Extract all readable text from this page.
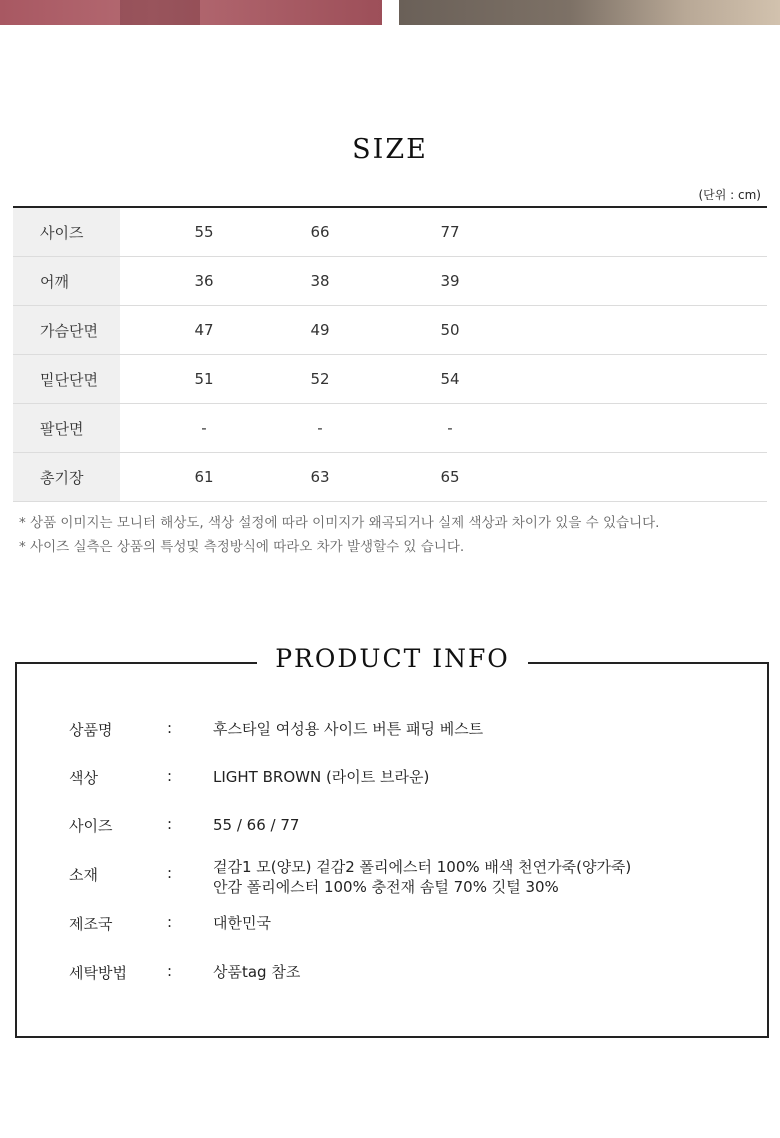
SIZE
(단위 : cm)
사이즈	55	66	77
어깨	36	38	39
가슴단면	47	49	50
밑단단면	51	52	54
팔단면	-	-	-
총기장	61	63	65
* 상품 이미지는 모니터 해상도, 색상 설정에 따라 이미지가 왜곡되거나 실제 색상과 차이가 있을 수 있습니다.
* 사이즈 실측은 상품의 특성및 측정방식에 따라오 차가 발생할수 있 습니다.
PRODUCT INFO
상품명	:	후스타일 여성용 사이드 버튼 패딩 베스트
색상	:	LIGHT BROWN (라이트 브라운)
사이즈	:	55 / 66 / 77
소재	:	겉감1 모(양모) 겉감2 폴리에스터 100% 배색 천연가죽(양가죽)
안감 폴리에스터 100% 충전재 솜털 70% 깃털 30%
제조국	:	대한민국
세탁방법	:	상품tag 참조
